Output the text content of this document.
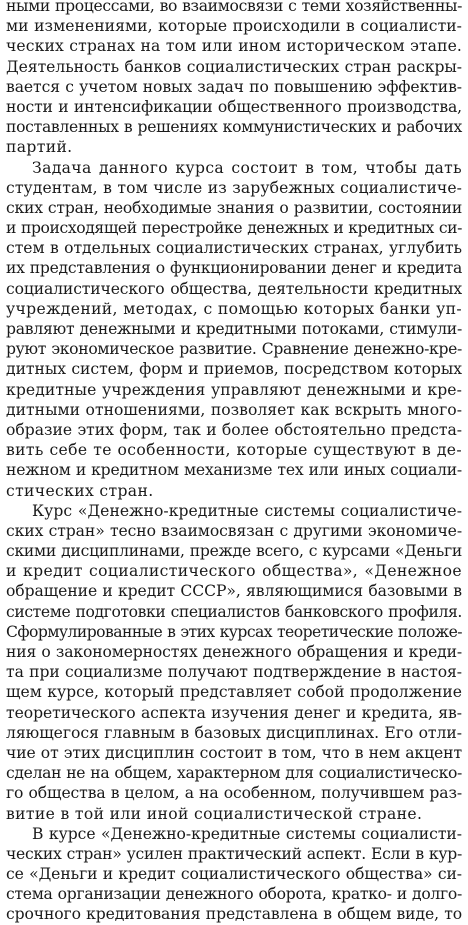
ными процессами, во взаимосвязи с теми хозяйственны-
ми изменениями, которые происходили в социалисти-
ческих странах на том или ином историческом этапе.
Деятельность банков социалистических стран раскры-
вается с учетом новых задач по повышению эффектив-
ности и интенсификации общественного производства,
поставленных в решениях коммунистических и рабочих
партий.
Задача данного курса состоит в том, чтобы дать
студентам, в том числе из зарубежных социалистиче-
ских стран, необходимые знания о развитии, состоянии
и происходящей перестройке денежных и кредитных си-
стем в отдельных социалистических странах, углубить
их представления о функционировании денег и кредита
социалистического общества, деятельности кредитных
учреждений, методах, с помощью которых банки уп-
равляют денежными и кредитными потоками, стимули-
руют экономическое развитие. Сравнение денежно-кре-
дитных систем, форм и приемов, посредством которых
кредитные учреждения управляют денежными и кре-
дитными отношениями, позволяет как вскрыть много-
образие этих форм, так и более обстоятельно предста-
вить себе те особенности, которые существуют в де-
нежном и кредитном механизме тех или иных социали-
стических стран.
Курс «Денежно-кредитные системы социалистиче-
ских стран» тесно взаимосвязан с другими экономиче-
скими дисциплинами, прежде всего, с курсами «Деньги
и кредит социалистического общества», «Денежное
обращение и кредит СССР», являющимися базовыми в
системе подготовки специалистов банковского профиля.
Сформулированные в этих курсах теоретические положе-
ния о закономерностях денежного обращения и креди-
та при социализме получают подтверждение в настоя-
щем курсе, который представляет собой продолжение
теоретического аспекта изучения денег и кредита, яв-
ляющегося главным в базовых дисциплинах. Его отли-
чие от этих дисциплин состоит в том, что в нем акцент
сделан не на общем, характерном для социалистическо-
го общества в целом, а на особенном, получившем раз-
витие в той или иной социалистической стране.
В курсе «Денежно-кредитные системы социалисти-
ческих стран» усилен практический аспект. Если в кур-
се «Деньги и кредит социалистического общества» си-
стема организации денежного оборота, кратко- и долго-
срочного кредитования представлена в общем виде, то
